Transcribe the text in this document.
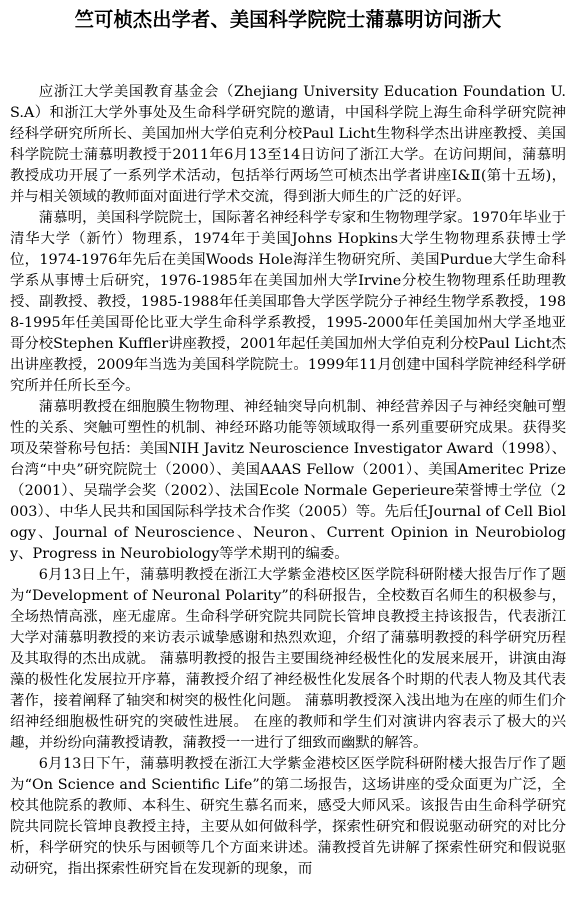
竺可桢杰出学者、美国科学院院士蒲慕明访问浙大

应浙江大学美国教育基金会（Zhejiang University Education Foundation U.S.A）和浙江大学外事处及生命科学研究院的邀请，中国科学院上海生命科学研究院神经科学研究所所长、美国加州大学伯克利分校Paul Licht生物科学杰出讲座教授、美国科学院院士蒲慕明教授于2011年6月13至14日访问了浙江大学。在访问期间，蒲慕明教授成功开展了一系列学术活动，包括举行两场竺可桢杰出学者讲座Ⅰ&Ⅱ(第十五场)，并与相关领域的教师面对面进行学术交流，得到浙大师生的广泛的好评。

蒲慕明，美国科学院院士，国际著名神经科学专家和生物物理学家。1970年毕业于清华大学（新竹）物理系，1974年于美国Johns Hopkins大学生物物理系获博士学位，1974-1976年先后在美国Woods Hole海洋生物研究所、美国Purdue大学生命科学系从事博士后研究，1976-1985年在美国加州大学Irvine分校生物物理系任助理教授、副教授、教授，1985-1988年任美国耶鲁大学医学院分子神经生物学系教授，1988-1995年任美国哥伦比亚大学生命科学系教授，1995-2000年任美国加州大学圣地亚哥分校Stephen Kuffler讲座教授，2001年起任美国加州大学伯克利分校Paul Licht杰出讲座教授，2009年当选为美国科学院院士。1999年11月创建中国科学院神经科学研究所并任所长至今。

蒲慕明教授在细胞膜生物物理、神经轴突导向机制、神经营养因子与神经突触可塑性的关系、突触可塑性的机制、神经环路功能等领域取得一系列重要研究成果。获得奖项及荣誉称号包括：美国NIH Javitz Neuroscience Investigator Award（1998）、台湾“中央”研究院院士（2000）、美国AAAS Fellow（2001）、美国Ameritec Prize（2001）、吴瑞学会奖（2002）、法国Ecole Normale Geperieure荣誉博士学位（2003）、中华人民共和国国际科学技术合作奖（2005）等。先后任Journal of Cell Biology、Journal of Neuroscience、Neuron、Current Opinion in Neurobiology、Progress in Neurobiology等学术期刊的编委。

6月13日上午，蒲慕明教授在浙江大学紫金港校区医学院科研附楼大报告厅作了题为“Development of Neuronal Polarity”的科研报告，全校数百名师生的积极参与，全场热情高涨，座无虚席。生命科学研究院共同院长管坤良教授主持该报告，代表浙江大学对蒲慕明教授的来访表示诚挚感谢和热烈欢迎，介绍了蒲慕明教授的科学研究历程及其取得的杰出成就。 蒲慕明教授的报告主要围绕神经极性化的发展来展开，讲演由海藻的极性化发展拉开序幕，蒲教授介绍了神经极性化发展各个时期的代表人物及其代表著作，接着阐释了轴突和树突的极性化问题。 蒲慕明教授深入浅出地为在座的师生们介绍神经细胞极性研究的突破性进展。 在座的教师和学生们对演讲内容表示了极大的兴趣，并纷纷向蒲教授请教，蒲教授一一进行了细致而幽默的解答。

6月13日下午，蒲慕明教授在浙江大学紫金港校区医学院科研附楼大报告厅作了题为“On Science and Scientific Life”的第二场报告，这场讲座的受众面更为广泛，全校其他院系的教师、本科生、研究生慕名而来，感受大师风采。该报告由生命科学研究院共同院长管坤良教授主持，主要从如何做科学，探索性研究和假说驱动研究的对比分析，科学研究的快乐与困顿等几个方面来讲述。蒲教授首先讲解了探索性研究和假说驱动研究，指出探索性研究旨在发现新的现象，而
